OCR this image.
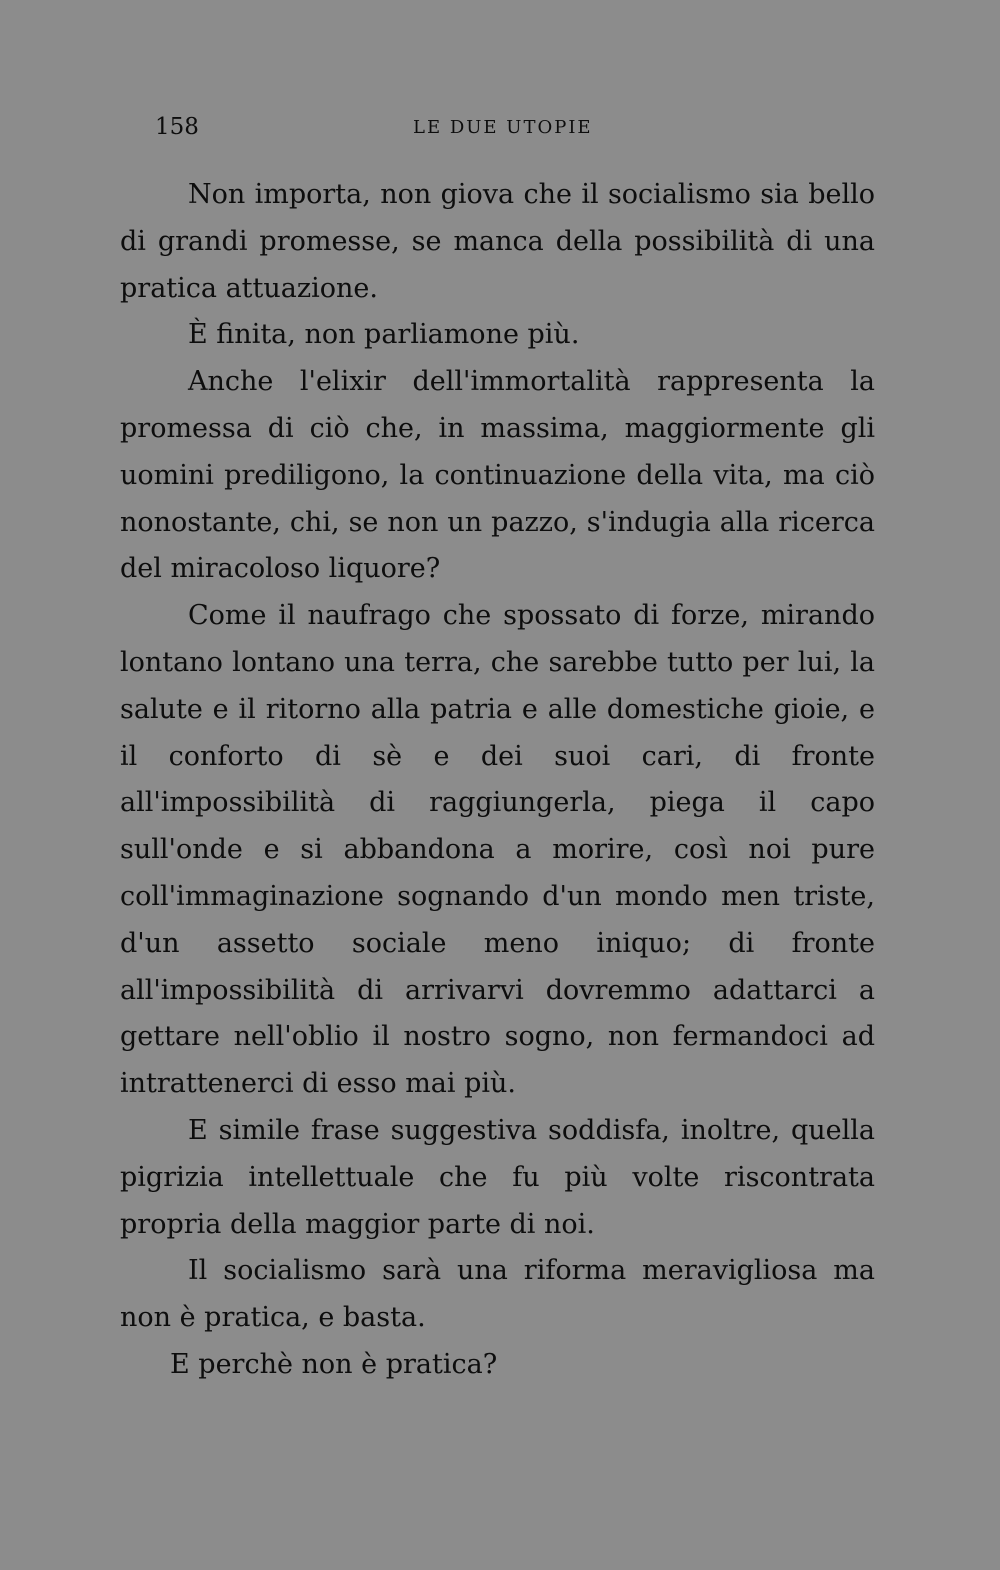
158	LE DUE UTOPIE

Non importa, non giova che il socialismo sia bello di grandi promesse, se manca della possibilità di una pratica attuazione.

È finita, non parliamone più.

Anche l'elixir dell'immortalità rappresenta la promessa di ciò che, in massima, maggiormente gli uomini prediligono, la continuazione della vita, ma ciò nonostante, chi, se non un pazzo, s'indugia alla ricerca del miracoloso liquore?

Come il naufrago che spossato di forze, mirando lontano lontano una terra, che sarebbe tutto per lui, la salute e il ritorno alla patria e alle domestiche gioie, e il conforto di sè e dei suoi cari, di fronte all'impossibilità di raggiungerla, piega il capo sull'onde e si abbandona a morire, così noi pure coll'immaginazione sognando d'un mondo men triste, d'un assetto sociale meno iniquo; di fronte all'impossibilità di arrivarvi dovremmo adattarci a gettare nell'oblio il nostro sogno, non fermandoci ad intrattenerci di esso mai più.

E simile frase suggestiva soddisfa, inoltre, quella pigrizia intellettuale che fu più volte riscontrata propria della maggior parte di noi.

Il socialismo sarà una riforma meravigliosa ma non è pratica, e basta.

E perchè non è pratica?
